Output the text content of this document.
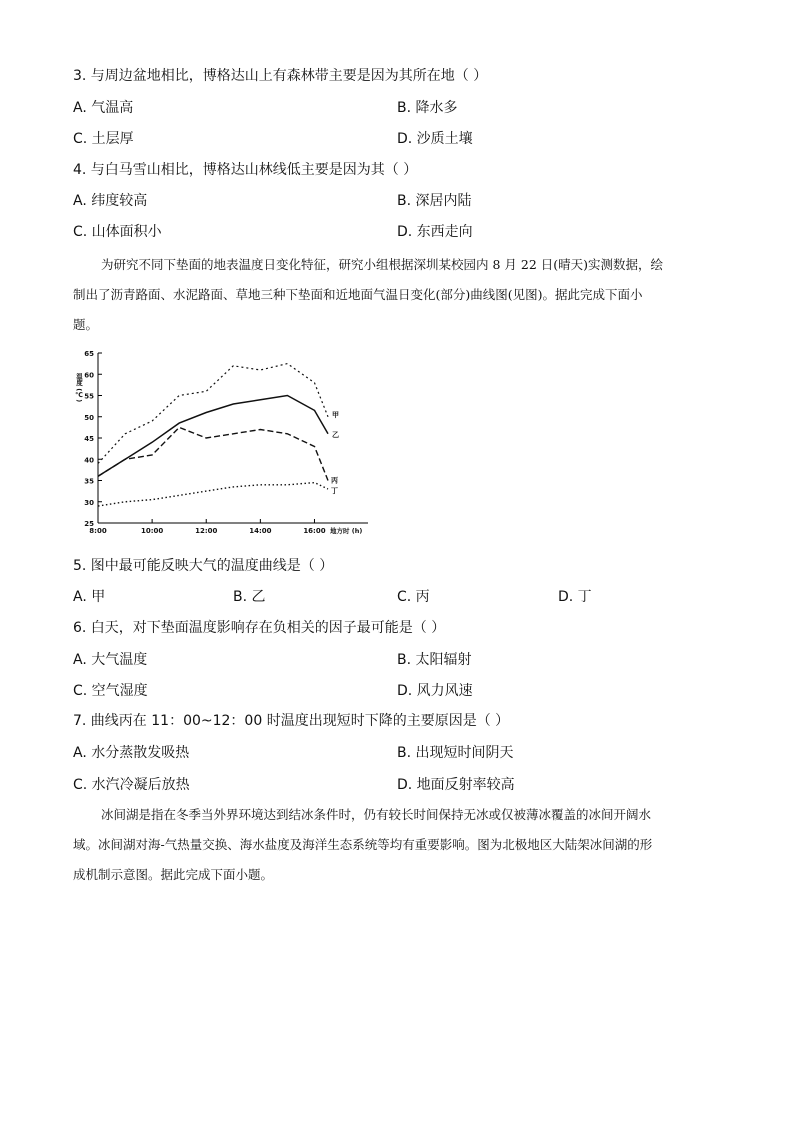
3. 与周边盆地相比，博格达山上有森林带主要是因为其所在地（ ）
A. 气温高	B. 降水多
C. 土层厚	D. 沙质土壤
4. 与白马雪山相比，博格达山林线低主要是因为其（ ）
A. 纬度较高	B. 深居内陆
C. 山体面积小	D. 东西走向
为研究不同下垫面的地表温度日变化特征，研究小组根据深圳某校园内 8 月 22 日(晴天)实测数据，绘
制出了沥青路面、水泥路面、草地三种下垫面和近地面气温日变化(部分)曲线图(见图)。据此完成下面小
题。
65
60
55
50
45
40
35
30
25
8:00	10:00	12:00	14:00	16:00
温度 (℃)
地方时 (h)
甲
乙
丙
丁
5. 图中最可能反映大气的温度曲线是（ ）
A. 甲	B. 乙	C. 丙	D. 丁
6. 白天，对下垫面温度影响存在负相关的因子最可能是（ ）
A. 大气温度	B. 太阳辐射
C. 空气湿度	D. 风力风速
7. 曲线丙在 11：00~12：00 时温度出现短时下降的主要原因是（ ）
A. 水分蒸散发吸热	B. 出现短时间阴天
C. 水汽冷凝后放热	D. 地面反射率较高
冰间湖是指在冬季当外界环境达到结冰条件时，仍有较长时间保持无冰或仅被薄冰覆盖的冰间开阔水
域。冰间湖对海-气热量交换、海水盐度及海洋生态系统等均有重要影响。图为北极地区大陆架冰间湖的形
成机制示意图。据此完成下面小题。
